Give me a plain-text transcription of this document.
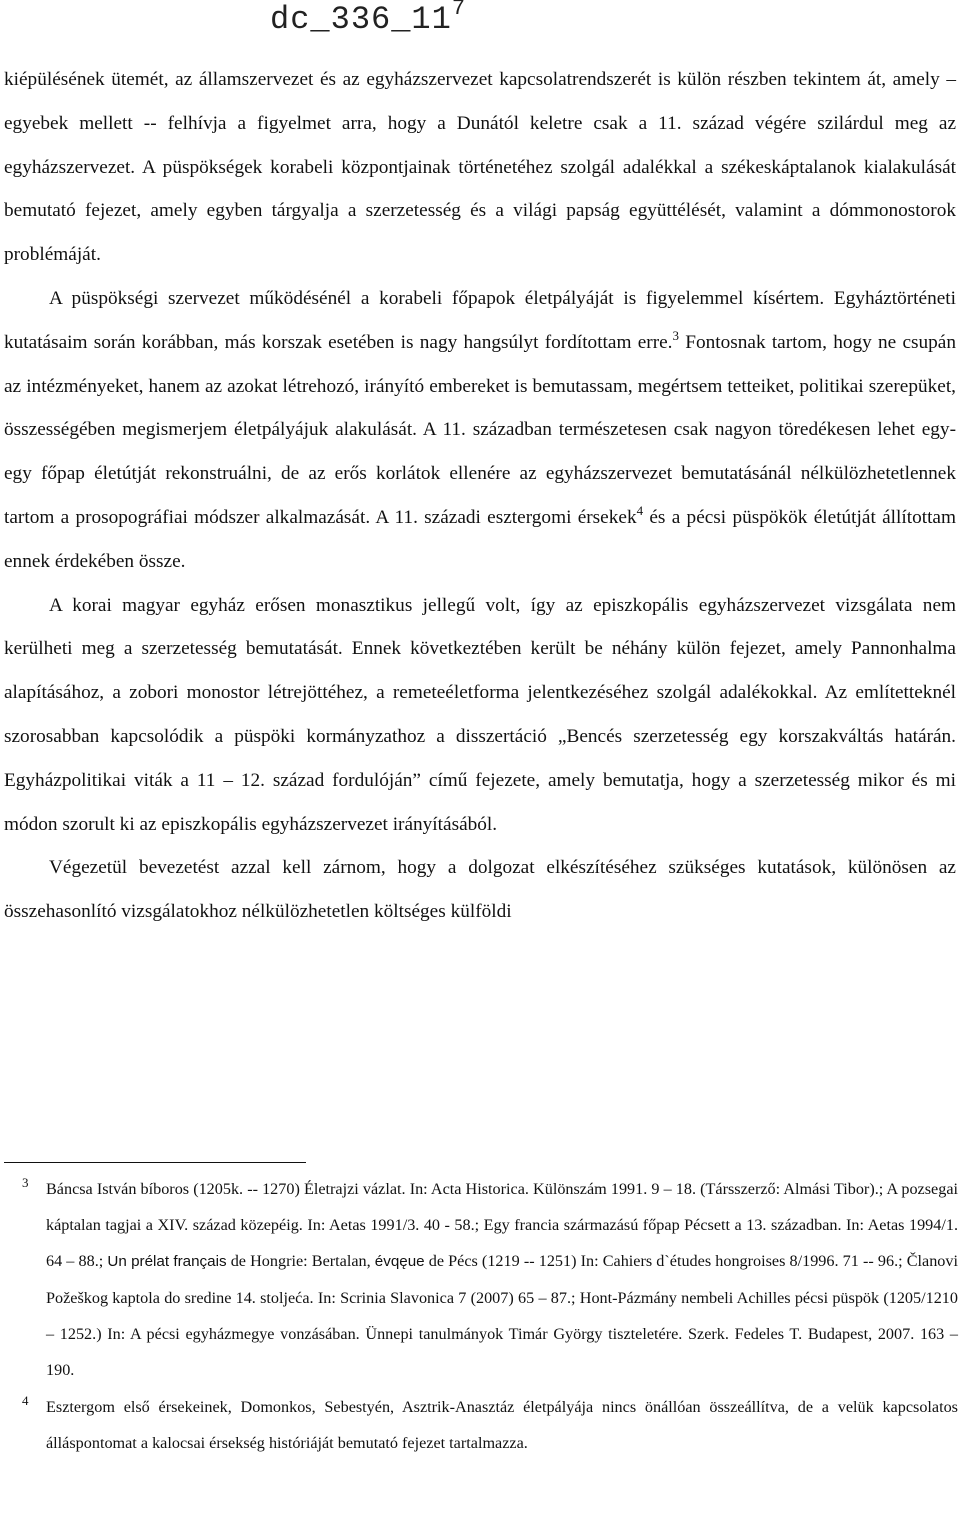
$dc\_336\_11^7$

kiépülésének ütemét, az államszervezet és az egyházszervezet kapcsolatrendszerét is külön részben tekintem át, amely – egyebek mellett -- felhívja a figyelmet arra, hogy a Dunától keletre csak a 11. század végére szilárdul meg az egyházszervezet. A püspökségek korabeli központjainak történetéhez szolgál adalékkal a székeskáptalanok kialakulását bemutató fejezet, amely egyben tárgyalja a szerzetesség és a világi papság együttélését, valamint a dómmonostorok problémáját.

A püspökségi szervezet működésénél a korabeli főpapok életpályáját is figyelemmel kísértem. Egyháztörténeti kutatásaim során korábban, más korszak esetében is nagy hangsúlyt fordítottam erre.$^3$ Fontosnak tartom, hogy ne csupán az intézményeket, hanem az azokat létrehozó, irányító embereket is bemutassam, megértsem tetteiket, politikai szerepüket, összességében megismerjem életpályájuk alakulását. A 11. században természetesen csak nagyon töredékesen lehet egy-egy főpap életútját rekonstruálni, de az erős korlátok ellenére az egyházszervezet bemutatásánál nélkülözhetetlennek tartom a prosopográfiai módszer alkalmazását. A 11. századi esztergomi érsekek$^4$ és a pécsi püspökök életútját állítottam ennek érdekében össze.

A korai magyar egyház erősen monasztikus jellegű volt, így az episzkopális egyházszervezet vizsgálata nem kerülheti meg a szerzetesség bemutatását. Ennek következtében került be néhány külön fejezet, amely Pannonhalma alapításához, a zobori monostor létrejöttéhez, a remeteéletforma jelentkezéséhez szolgál adalékokkal. Az említetteknél szorosabban kapcsolódik a püspöki kormányzathoz a disszertáció „Bencés szerzetesség egy korszakváltás határán. Egyházpolitikai viták a 11 – 12. század fordulóján” című fejezete, amely bemutatja, hogy a szerzetesség mikor és mi módon szorult ki az episzkopális egyházszervezet irányításából.

Végezetül bevezetést azzal kell zárnom, hogy a dolgozat elkészítéséhez szükséges kutatások, különösen az összehasonlító vizsgálatokhoz nélkülözhetetlen költséges külföldi

3 Báncsa István bíboros (1205k. -- 1270) Életrajzi vázlat. In: Acta Historica. Különszám 1991. 9 – 18. (Társszerző: Almási Tibor).; A pozsegai káptalan tagjai a XIV. század közepéig. In: Aetas 1991/3. 40 - 58.; Egy francia származású főpap Pécsett a 13. században. In: Aetas 1994/1. 64 – 88.; Un prélat français de Hongrie: Bertalan, évqęue de Pécs (1219 -- 1251) In: Cahiers d`études hongroises 8/1996. 71 -- 96.; Članovi Požeškog kaptola do sredine 14. stoljeća. In: Scrinia Slavonica 7 (2007) 65 – 87.; Hont-Pázmány nembeli Achilles pécsi püspök (1205/1210 – 1252.) In: A pécsi egyházmegye vonzásában. Ünnepi tanulmányok Timár György tiszteletére. Szerk. Fedeles T. Budapest, 2007. 163 – 190.
4 Esztergom első érsekeinek, Domonkos, Sebestyén, Asztrik-Anasztáz életpályája nincs önállóan összeállítva, de a velük kapcsolatos álláspontomat a kalocsai érsekség históriáját bemutató fejezet tartalmazza.
